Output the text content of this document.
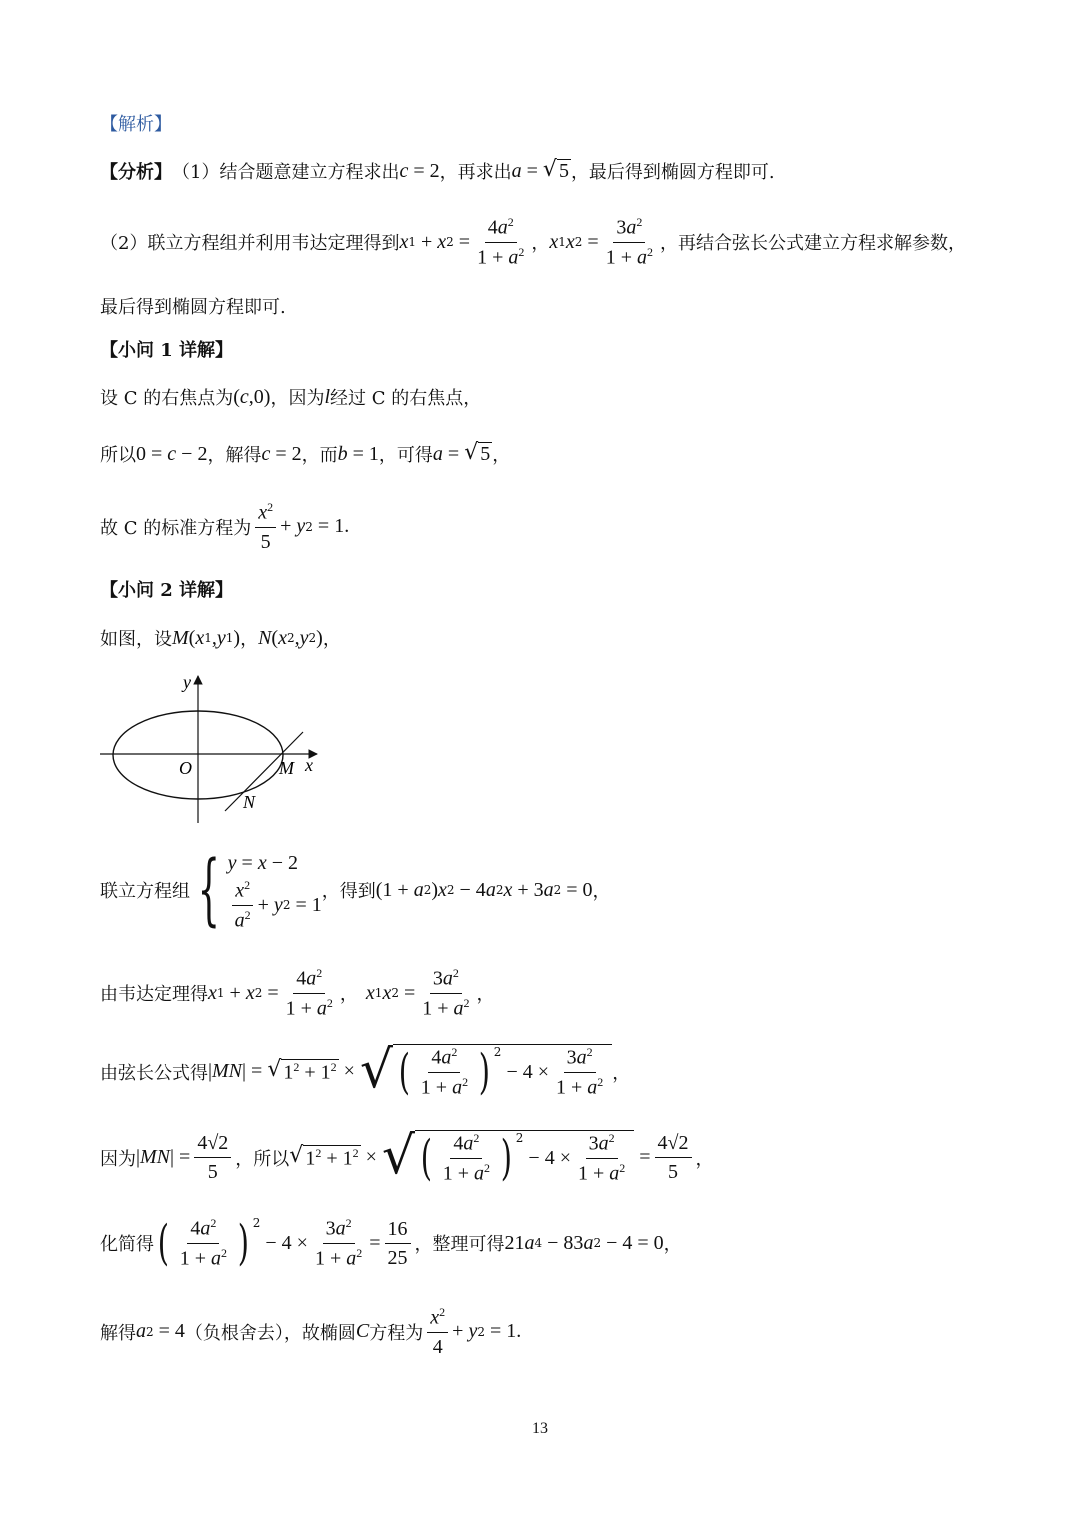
【解析】
【分析】 （1）结合题意建立方程求出 c = 2 ，再求出 a = √ 5 ，最后得到椭圆方程即可.
（2）联立方程组并利用韦达定理得到 x 1 + x $2 = \frac{4a^2}{1 + a^2}$ ， x 1 x $2 = \frac{3a^2}{1 + a^2}$ ，再结合弦长公式建立方程求解参数，
最后得到椭圆方程即可.
【小问 1 详解】
设 C 的右焦点为 ( c ,0) ，因为 l 经过 C 的右焦点，
所以 0 = c − 2 ，解得 c = 2 ，而 b = 1 ，可得 a = √ 5 ，
故 C 的标准方程为 $\frac{x^2}{5} + y$ 2 = 1.
【小问 2 详解】
如图，设 M ( x 1 , y 1 ) ， N ( x 2 , y 2 ) ，
y
x
O	M
N
联立方程组 { y = x − 2
$\frac{x^2}{a^2} + y$ 2 = 1
，得到 (1 + a 2 ) x 2 − 4 a 2 x + 3 a 2 = 0 ，
由韦达定理得 x 1 + x $2 = \frac{4a^2}{1 + a^2}$ ， x 1 x $2 = \frac{3a^2}{1 + a^2}$ ，
由弦长公式得 | MN | = √ $1^2 + 1^2$ × √ ( $\frac{4a^2}{1 + a^2}$ ) $^2$
− $4 \times \frac{3a^2}{1 + a^2}$ ，
因为 | MN | = $\frac{4√2}{5}$ ，所以 √ $1^2 + 1^2$ × √ ( $\frac{4a^2}{1 + a^2}$ ) $^2$
− $4 \times \frac{3a^2}{1 + a^2} = \frac{4√2}{5}$ ，
化简得 ( $\frac{4a^2}{1 + a^2}$ ) $^2$
− $4 \times \frac{3a^2}{1 + a^2} = \frac{16}{25}$ ，整理可得 21 a 4 − 83 a 2 − 4 = 0 ，
解得 a 2 = 4 （负根舍去），故椭圆 C 方程为 $\frac{x^2}{4} + y$ 2 = 1.
13
